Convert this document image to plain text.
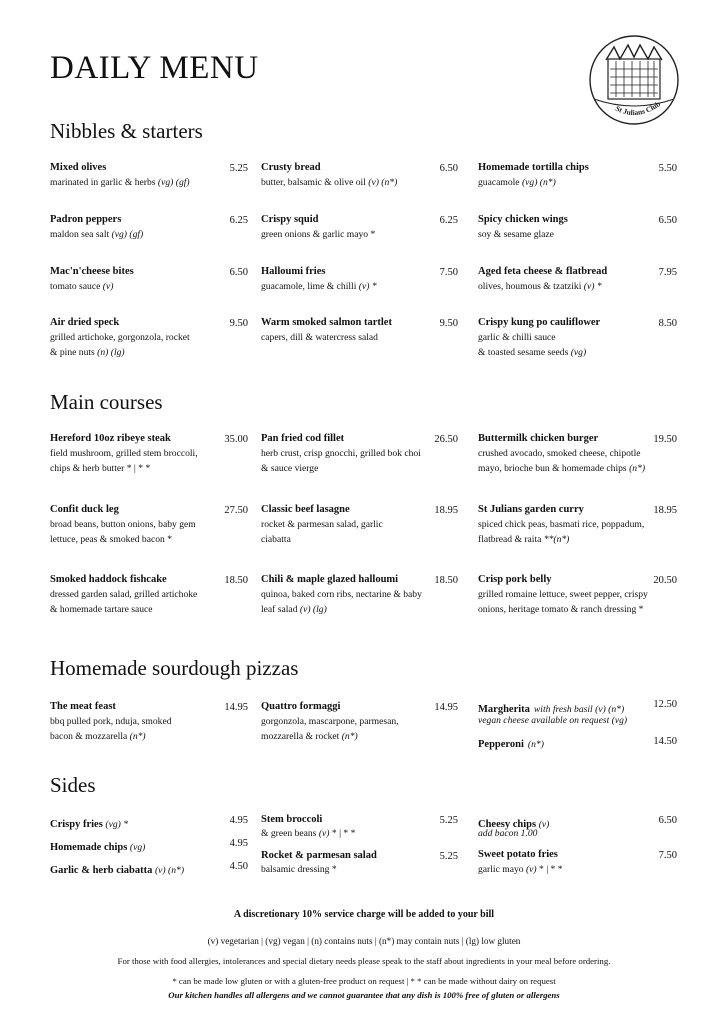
DAILY MENU
St Julians Club
Nibbles & starters
Mixed olives	5.25
marinated in garlic & herbs (vg) (gf)
Crusty bread	6.50
butter, balsamic & olive oil (v) (n*)
Homemade tortilla chips	5.50
guacamole (vg) (n*)
Padron peppers	6.25
maldon sea salt (vg) (gf)
Crispy squid	6.25
green onions & garlic mayo *
Spicy chicken wings	6.50
soy & sesame glaze
Mac'n'cheese bites	6.50
tomato sauce (v)
Halloumi fries	7.50
guacamole, lime & chilli (v) *
Aged feta cheese & flatbread	7.95
olives, houmous & tzatziki (v) *
Air dried speck	9.50
grilled artichoke, gorgonzola, rocket
& pine nuts (n) (lg)
Warm smoked salmon tartlet	9.50
capers, dill & watercress salad
Crispy kung po cauliflower	8.50
garlic & chilli sauce
& toasted sesame seeds (vg)
Main courses
Hereford 10oz ribeye steak	35.00
field mushroom, grilled stem broccoli,
chips & herb butter * | * *
Pan fried cod fillet	26.50
herb crust, crisp gnocchi, grilled bok choi
& sauce vierge
Buttermilk chicken burger	19.50
crushed avocado, smoked cheese, chipotle
mayo, brioche bun & homemade chips (n*)
Confit duck leg	27.50
broad beans, button onions, baby gem
lettuce, peas & smoked bacon *
Classic beef lasagne	18.95
rocket & parmesan salad, garlic
ciabatta
St Julians garden curry	18.95
spiced chick peas, basmati rice, poppadum,
flatbread & raita **(n*)
Smoked haddock fishcake	18.50
dressed garden salad, grilled artichoke
& homemade tartare sauce
Chili & maple glazed halloumi	18.50
quinoa, baked corn ribs, nectarine & baby
leaf salad (v) (lg)
Crisp pork belly	20.50
grilled romaine lettuce, sweet pepper, crispy
onions, heritage tomato & ranch dressing *
Homemade sourdough pizzas
The meat feast	14.95
bbq pulled pork, nduja, smoked
bacon & mozzarella (n*)
Quattro formaggi	14.95
gorgonzola, mascarpone, parmesan,
mozzarella & rocket (n*)
Margherita with fresh basil (v) (n*)	12.50
vegan cheese available on request (vg)
Pepperoni (n*)	14.50
Sides
Crispy fries (vg) *	4.95
Homemade chips (vg)	4.95
Garlic & herb ciabatta (v) (n*)	4.50
Stem broccoli	5.25
& green beans (v) * | * *
Rocket & parmesan salad	5.25
balsamic dressing *
Cheesy chips (v)	6.50
add bacon 1.00
Sweet potato fries	7.50
garlic mayo (v) * | * *
A discretionary 10% service charge will be added to your bill
(v) vegetarian | (vg) vegan | (n) contains nuts | (n*) may contain nuts | (lg) low gluten
For those with food allergies, intolerances and special dietary needs please speak to the staff about ingredients in your meal before ordering.
* can be made low gluten or with a gluten-free product on request | * * can be made without dairy on request
Our kitchen handles all allergens and we cannot guarantee that any dish is 100% free of gluten or allergens
